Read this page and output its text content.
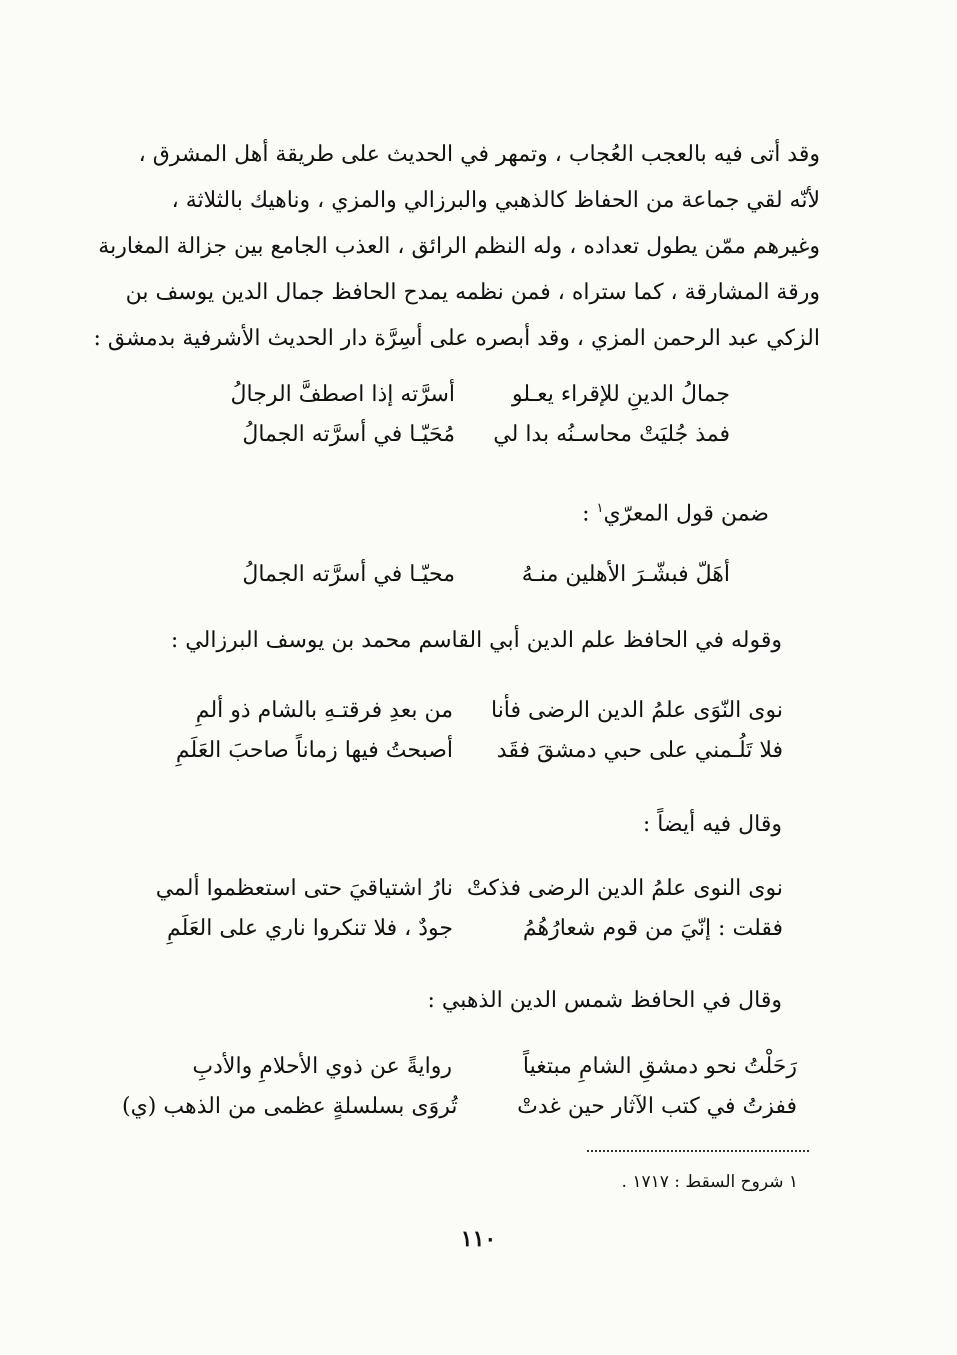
وقد أتى فيه بالعجب العُجاب ، وتمهر في الحديث على طريقة أهل المشرق ،
لأنّه لقي جماعة من الحفاظ كالذهبي والبرزالي والمزي ، وناهيك بالثلاثة ،
وغيرهم ممّن يطول تعداده ، وله النظم الرائق ، العذب الجامع بين جزالة المغاربة
ورقة المشارقة ، كما ستراه ، فمن نظمه يمدح الحافظ جمال الدين يوسف بن
الزكي عبد الرحمن المزي ، وقد أبصره على أسِرَّة دار الحديث الأشرفية بدمشق :
جمالُ الدينِ للإقراء يعـلو
أسرَّته إذا اصطفَّ الرجالُ
فمذ جُليَتْ محاسـنُه بدا لي
مُحَيّـا في أسرَّته الجمالُ
ضمن قول المعرّي$^١$ :
أهَلّ فبشّـرَ الأهلين منـهُ
محيّـا في أسرَّته الجمالُ
وقوله في الحافظ علم الدين أبي القاسم محمد بن يوسف البرزالي :
نوى النّوَى علمُ الدين الرضى فأنا
من بعدِ فرقتـهِ بالشام ذو ألمِ
فلا تَلُـمني على حبي دمشقَ فقَد
أصبحتُ فيها زماناً صاحبَ العَلَمِ
وقال فيه أيضاً :
نوى النوى علمُ الدين الرضى فذكتْ
نارُ اشتياقيَ حتى استعظموا ألمي
فقلت : إنّيَ من قوم شعارُهُمُ
جودٌ ، فلا تنكروا ناري على العَلَمِ
وقال في الحافظ شمس الدين الذهبي :
رَحَلْتُ نحو دمشقِ الشامِ مبتغياً
روايةً عن ذوي الأحلامِ والأدبِ
ففزتُ في كتب الآثار حين غدتْ
تُروَى بسلسلةٍ عظمى من الذهب (ي)
١ شروح السقط : ١٧١٧ .
١١٠
